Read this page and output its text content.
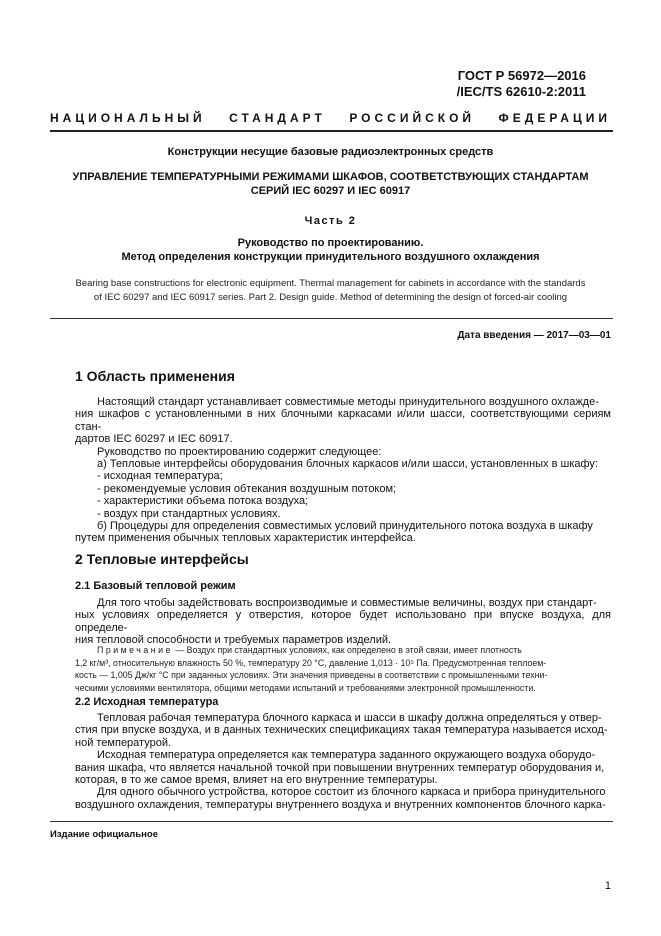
ГОСТ Р 56972—2016
/IEC/TS 62610-2:2011
НАЦИОНАЛЬНЫЙ СТАНДАРТ РОССИЙСКОЙ ФЕДЕРАЦИИ
Конструкции несущие базовые радиоэлектронных средств
УПРАВЛЕНИЕ ТЕМПЕРАТУРНЫМИ РЕЖИМАМИ ШКАФОВ, СООТВЕТСТВУЮЩИХ СТАНДАРТАМ
СЕРИЙ IEC 60297 И IEC 60917
Часть 2
Руководство по проектированию.
Метод определения конструкции принудительного воздушного охлаждения
Bearing base constructions for electronic equipment. Thermal management for cabinets in accordance with the standards
of IEC 60297 and IEC 60917 series. Part 2. Design guide. Method of determining the design of forced-air cooling
Дата введения — 2017—03—01
1 Область применения

Настоящий стандарт устанавливает совместимые методы принудительного воздушного охлажде-

ния шкафов с установленными в них блочными каркасами и/или шасси, соответствующими сериям стан-

дартов IEC 60297 и IEC 60917.

Руководство по проектированию содержит следующее:

а) Тепловые интерфейсы оборудования блочных каркасов и/или шасси, установленных в шкафу:

- исходная температура;

- рекомендуемые условия обтекания воздушным потоком;

- характеристики объема потока воздуха;

- воздух при стандартных условиях.

б) Процедуры для определения совместимых условий принудительного потока воздуха в шкафу

путем применения обычных тепловых характеристик интерфейса.

2 Тепловые интерфейсы
2.1 Базовый тепловой режим

Для того чтобы задействовать воспроизводимые и совместимые величины, воздух при стандарт-

ных условиях определяется у отверстия, которое будет использовано при впуске воздуха, для определе-

ния тепловой способности и требуемых параметров изделий.

Примечание — Воздух при стандартных условиях, как определено в этой связи, имеет плотность

1,2 кг/м³, относительную влажность 50 %, температуру 20 °С, давление 1,013 · 10⁵ Па. Предусмотренная теплоем-

кость — 1,005 Дж/кг °С при заданных условиях. Эти значения приведены в соответствии с промышленными техни-

ческими условиями вентилятора, общими методами испытаний и требованиями электронной промышленности.

2.2 Исходная температура

Тепловая рабочая температура блочного каркаса и шасси в шкафу должна определяться у отвер-

стия при впуске воздуха, и в данных технических спецификациях такая температура называется исход-

ной температурой.

Исходная температура определяется как температура заданного окружающего воздуха оборудо-

вания шкафа, что является начальной точкой при повышении внутренних температур оборудования и,

которая, в то же самое время, влияет на его внутренние температуры.

Для одного обычного устройства, которое состоит из блочного каркаса и прибора принудительного

воздушного охлаждения, температуры внутреннего воздуха и внутренних компонентов блочного карка-

Издание официальное
1
